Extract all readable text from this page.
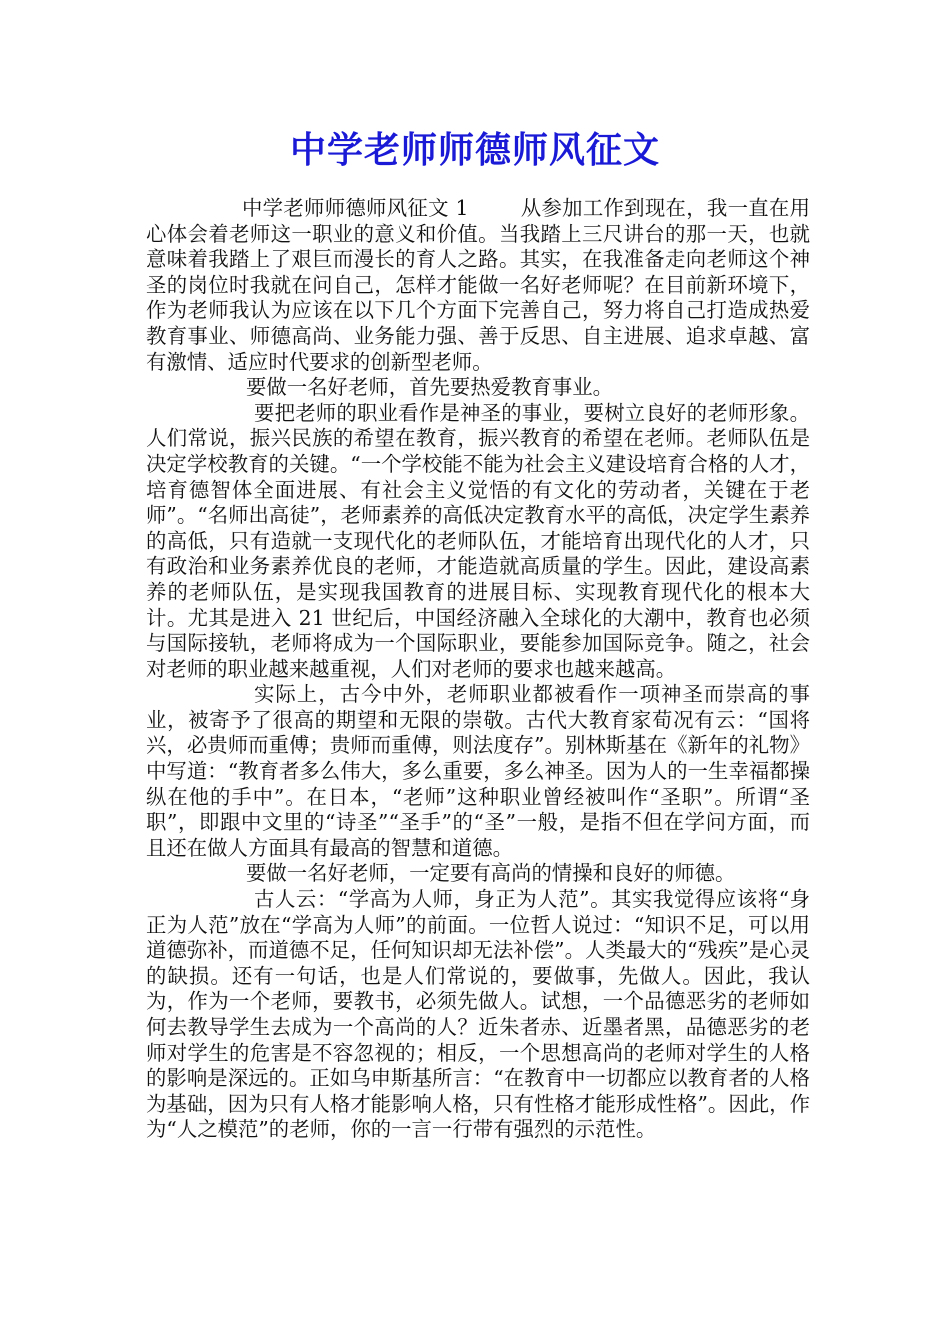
中学老师师德师风征文

中学老师师德师风征文 1	从参加工作到现在，我一直在用心体会着老师这一职业的意义和价值。当我踏上三尺讲台的那一天，也就意味着我踏上了艰巨而漫长的育人之路。其实，在我准备走向老师这个神圣的岗位时我就在问自己，怎样才能做一名好老师呢？在目前新环境下，作为老师我认为应该在以下几个方面下完善自己，努力将自己打造成热爱教育事业、师德高尚、业务能力强、善于反思、自主进展、追求卓越、富有激情、适应时代要求的创新型老师。

要做一名好老师，首先要热爱教育事业。

要把老师的职业看作是神圣的事业，要树立良好的老师形象。人们常说，振兴民族的希望在教育，振兴教育的希望在老师。老师队伍是决定学校教育的关键。“一个学校能不能为社会主义建设培育合格的人才，培育德智体全面进展、有社会主义觉悟的有文化的劳动者，关键在于老师”。“名师出高徒”，老师素养的高低决定教育水平的高低，决定学生素养的高低，只有造就一支现代化的老师队伍，才能培育出现代化的人才，只有政治和业务素养优良的老师，才能造就高质量的学生。因此，建设高素养的老师队伍，是实现我国教育的进展目标、实现教育现代化的根本大计。尤其是进入 21 世纪后，中国经济融入全球化的大潮中，教育也必须与国际接轨，老师将成为一个国际职业，要能参加国际竞争。随之，社会对老师的职业越来越重视，人们对老师的要求也越来越高。

实际上，古今中外，老师职业都被看作一项神圣而崇高的事业，被寄予了很高的期望和无限的崇敬。古代大教育家荀况有云：“国将兴，必贵师而重傅；贵师而重傅，则法度存”。别林斯基在《新年的礼物》中写道：“教育者多么伟大，多么重要，多么神圣。因为人的一生幸福都操纵在他的手中”。在日本，“老师”这种职业曾经被叫作“圣职”。所谓“圣职”，即跟中文里的“诗圣”“圣手”的“圣”一般，是指不但在学问方面，而且还在做人方面具有最高的智慧和道德。

要做一名好老师，一定要有高尚的情操和良好的师德。

古人云：“学高为人师，身正为人范”。其实我觉得应该将“身正为人范”放在“学高为人师”的前面。一位哲人说过：“知识不足，可以用道德弥补，而道德不足，任何知识却无法补偿”。人类最大的“残疾”是心灵的缺损。还有一句话，也是人们常说的，要做事，先做人。因此，我认为，作为一个老师，要教书，必须先做人。试想，一个品德恶劣的老师如何去教导学生去成为一个高尚的人？近朱者赤、近墨者黑，品德恶劣的老师对学生的危害是不容忽视的；相反，一个思想高尚的老师对学生的人格的影响是深远的。正如乌申斯基所言：“在教育中一切都应以教育者的人格为基础，因为只有人格才能影响人格，只有性格才能形成性格”。因此，作为“人之模范”的老师，你的一言一行带有强烈的示范性。
